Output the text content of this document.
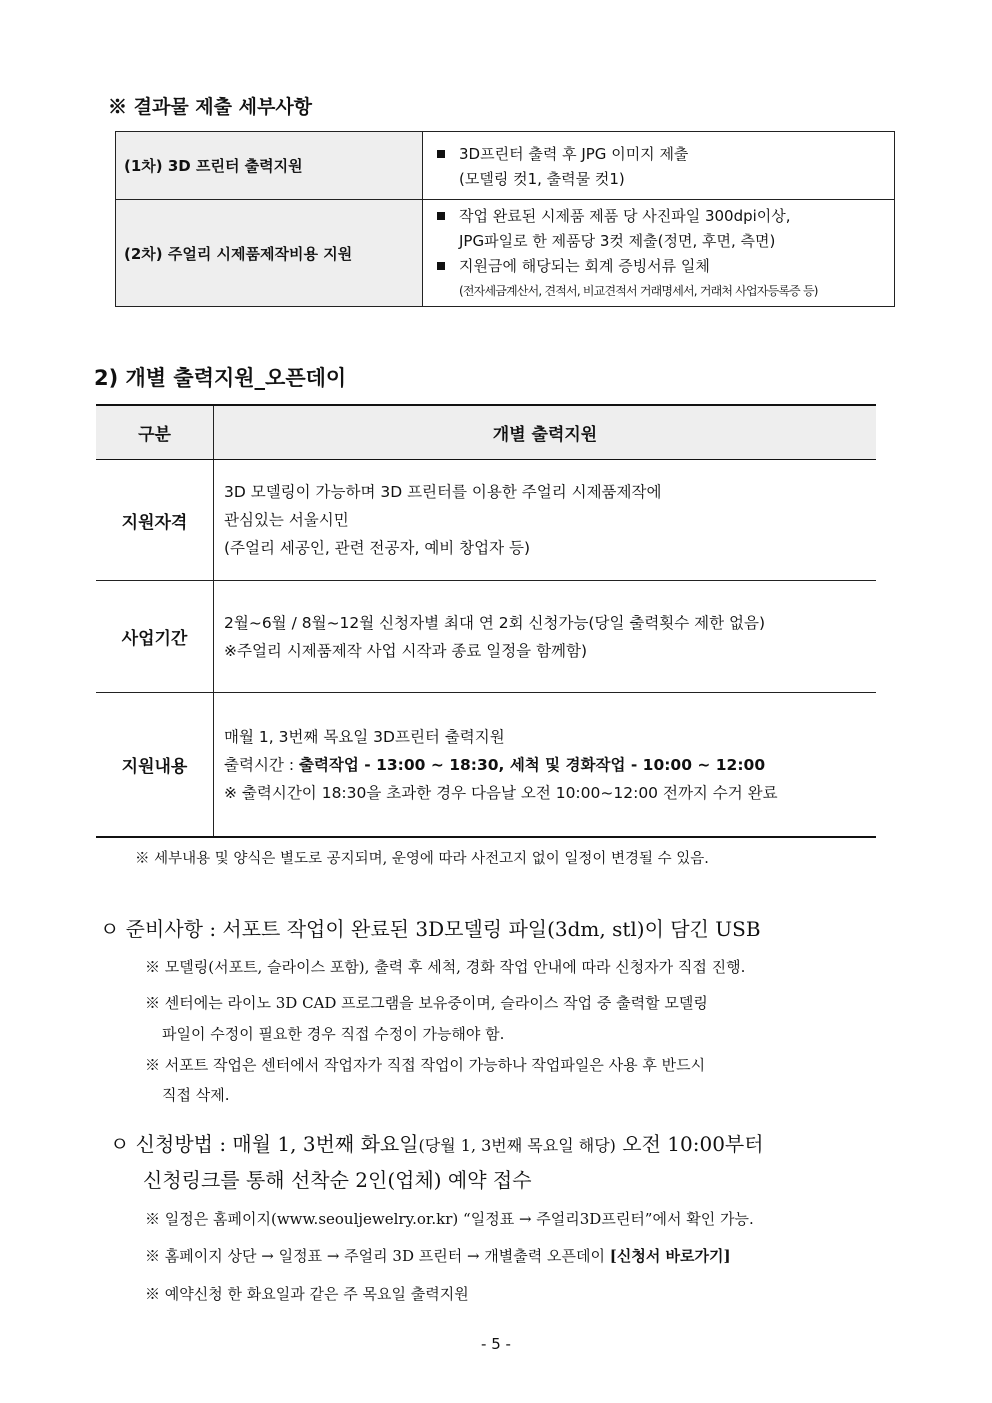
※ 결과물 제출 세부사항
(1차) 3D 프린터 출력지원	3D프린터 출력 후 JPG 이미지 제출
(모델링 컷1, 출력물 컷1)

(2차) 주얼리 시제품제작비용 지원	작업 완료된 시제품 제품 당 사진파일 300dpi이상,
JPG파일로 한 제품당 3컷 제출(정면, 후면, 측면)
지원금에 해당되는 회계 증빙서류 일체
(전자세금계산서, 견적서, 비교견적서 거래명세서, 거래처 사업자등록증 등)
2) 개별 출력지원_오픈데이
구분	개별 출력지원
지원자격	3D 모델링이 가능하며 3D 프린터를 이용한 주얼리 시제품제작에
관심있는 서울시민
(주얼리 세공인, 관련 전공자, 예비 창업자 등)

사업기간	2월~6월 / 8월~12월 신청자별 최대 연 2회 신청가능(당일 출력횟수 제한 없음)
※주얼리 시제품제작 사업 시작과 종료 일정을 함께함)

지원내용	매월 1, 3번째 목요일 3D프린터 출력지원
출력시간 : 출력작업 - 13:00 ~ 18:30, 세척 및 경화작업 - 10:00 ~ 12:00
※ 출력시간이 18:30을 초과한 경우 다음날 오전 10:00~12:00 전까지 수거 완료
※ 세부내용 및 양식은 별도로 공지되며, 운영에 따라 사전고지 없이 일정이 변경될 수 있음.
ㅇ 준비사항 : 서포트 작업이 완료된 3D모델링 파일(3dm, stl)이 담긴 USB
※ 모델링(서포트, 슬라이스 포함), 출력 후 세척, 경화 작업 안내에 따라 신청자가 직접 진행.
※ 센터에는 라이노 3D CAD 프로그램을 보유중이며, 슬라이스 작업 중 출력할 모델링
파일이 수정이 필요한 경우 직접 수정이 가능해야 함.
※ 서포트 작업은 센터에서 작업자가 직접 작업이 가능하나 작업파일은 사용 후 반드시
직접 삭제.
ㅇ 신청방법 : 매월 1, 3번째 화요일(당월 1, 3번째 목요일 해당) 오전 10:00부터
신청링크를 통해 선착순 2인(업체) 예약 접수
※ 일정은 홈페이지(www.seouljewelry.or.kr) “일정표 → 주얼리3D프린터”에서 확인 가능.
※ 홈페이지 상단 → 일정표 → 주얼리 3D 프린터 → 개별출력 오픈데이 [신청서 바로가기]
※ 예약신청 한 화요일과 같은 주 목요일 출력지원
- 5 -
